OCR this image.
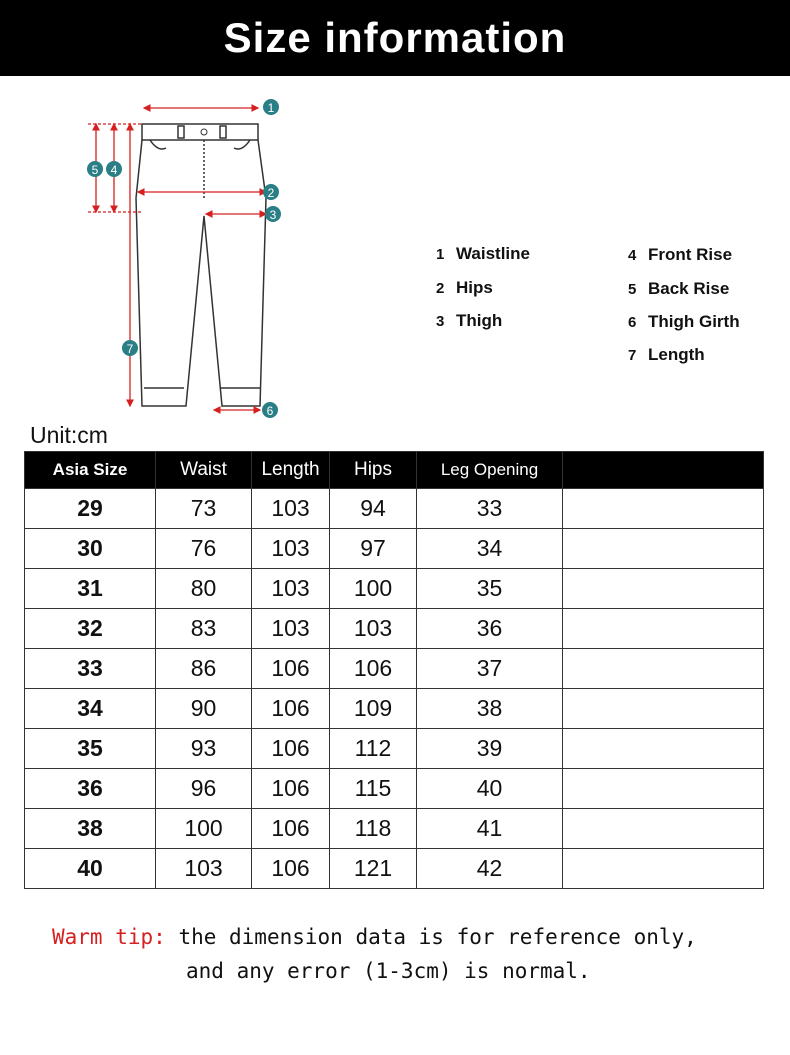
Size information
1
2
3
4
5
6
7
1 Waistline
2 Hips
3 Thigh
4 Front Rise
5 Back Rise
6 Thigh Girth
7 Length
Unit:cm
Asia Size	Waist	Length	Hips	Leg Opening	
29	73	103	94	33	
30	76	103	97	34	
31	80	103	100	35	
32	83	103	103	36	
33	86	106	106	37	
34	90	106	109	38	
35	93	106	112	39	
36	96	106	115	40	
38	100	106	118	41	
40	103	106	121	42	
Warm tip: the dimension data is for reference only,
and any error (1-3cm) is normal.
